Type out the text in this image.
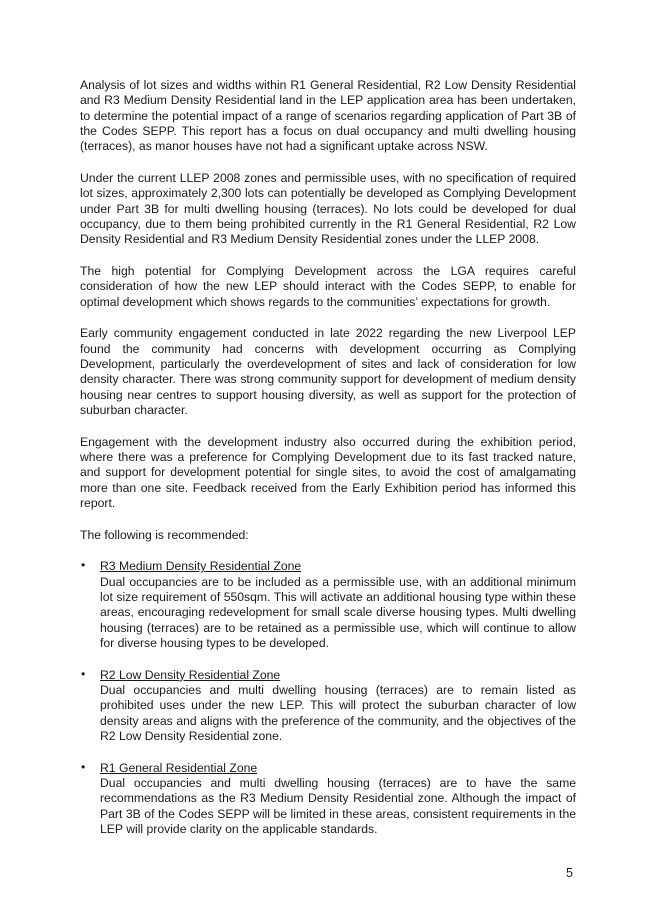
Analysis of lot sizes and widths within R1 General Residential, R2 Low Density Residential and R3 Medium Density Residential land in the LEP application area has been undertaken, to determine the potential impact of a range of scenarios regarding application of Part 3B of the Codes SEPP. This report has a focus on dual occupancy and multi dwelling housing (terraces), as manor houses have not had a significant uptake across NSW.

Under the current LLEP 2008 zones and permissible uses, with no specification of required lot sizes, approximately 2,300 lots can potentially be developed as Complying Development under Part 3B for multi dwelling housing (terraces). No lots could be developed for dual occupancy, due to them being prohibited currently in the R1 General Residential, R2 Low Density Residential and R3 Medium Density Residential zones under the LLEP 2008.

The high potential for Complying Development across the LGA requires careful consideration of how the new LEP should interact with the Codes SEPP, to enable for optimal development which shows regards to the communities’ expectations for growth.

Early community engagement conducted in late 2022 regarding the new Liverpool LEP found the community had concerns with development occurring as Complying Development, particularly the overdevelopment of sites and lack of consideration for low density character. There was strong community support for development of medium density housing near centres to support housing diversity, as well as support for the protection of suburban character.

Engagement with the development industry also occurred during the exhibition period, where there was a preference for Complying Development due to its fast tracked nature, and support for development potential for single sites, to avoid the cost of amalgamating more than one site. Feedback received from the Early Exhibition period has informed this report.

The following is recommended:

• R3 Medium Density Residential Zone

Dual occupancies are to be included as a permissible use, with an additional minimum lot size requirement of 550sqm. This will activate an additional housing type within these areas, encouraging redevelopment for small scale diverse housing types. Multi dwelling housing (terraces) are to be retained as a permissible use, which will continue to allow for diverse housing types to be developed.

• R2 Low Density Residential Zone

Dual occupancies and multi dwelling housing (terraces) are to remain listed as prohibited uses under the new LEP. This will protect the suburban character of low density areas and aligns with the preference of the community, and the objectives of the R2 Low Density Residential zone.

• R1 General Residential Zone

Dual occupancies and multi dwelling housing (terraces) are to have the same recommendations as the R3 Medium Density Residential zone. Although the impact of Part 3B of the Codes SEPP will be limited in these areas, consistent requirements in the LEP will provide clarity on the applicable standards.

5
